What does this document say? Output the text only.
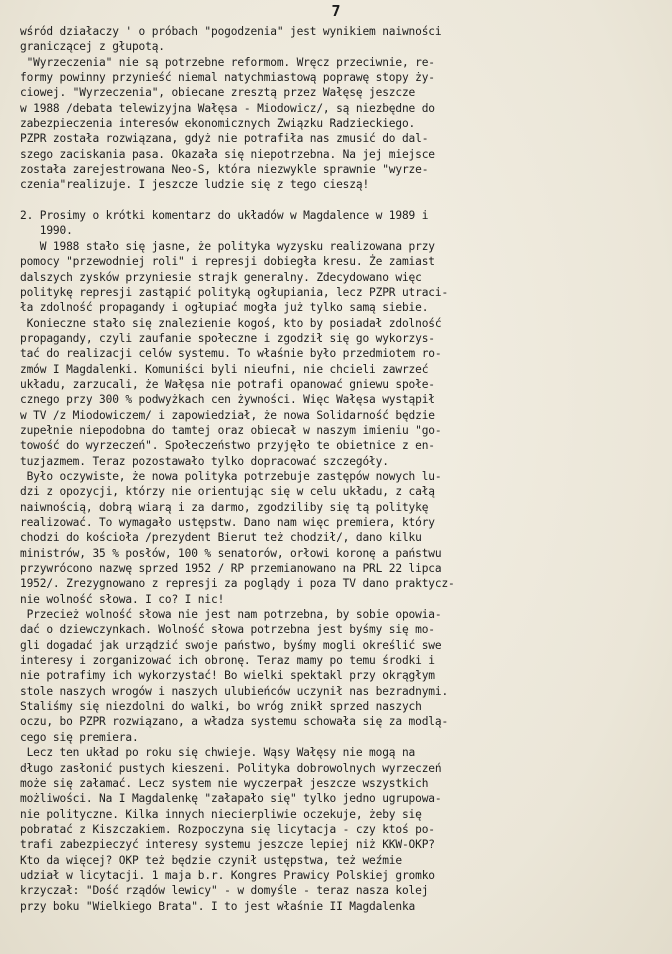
7
wśród działaczy ' o próbach "pogodzenia" jest wynikiem naiwności
graniczącej z głupotą.
"Wyrzeczenia" nie są potrzebne reformom. Wręcz przeciwnie, re-
formy powinny przynieść niemal natychmiastową poprawę stopy ży-
ciowej. "Wyrzeczenia", obiecane zresztą przez Wałęsę jeszcze
w 1988 /debata telewizyjna Wałęsa - Miodowicz/, są niezbędne do
zabezpieczenia interesów ekonomicznych Związku Radzieckiego.
PZPR została rozwiązana, gdyż nie potrafiła nas zmusić do dal-
szego zaciskania pasa. Okazała się niepotrzebna. Na jej miejsce
została zarejestrowana Neo-S, która niezwykle sprawnie "wyrze-
czenia"realizuje. I jeszcze ludzie się z tego cieszą!
2. Prosimy o krótki komentarz do układów w Magdalence w 1989 i
1990.
W 1988 stało się jasne, że polityka wyzysku realizowana przy
pomocy "przewodniej roli" i represji dobiegła kresu. Że zamiast
dalszych zysków przyniesie strajk generalny. Zdecydowano więc
politykę represji zastąpić polityką ogłupiania, lecz PZPR utraci-
ła zdolność propagandy i ogłupiać mogła już tylko samą siebie.
Konieczne stało się znalezienie kogoś, kto by posiadał zdolność
propagandy, czyli zaufanie społeczne i zgodził się go wykorzys-
tać do realizacji celów systemu. To właśnie było przedmiotem ro-
zmów I Magdalenki. Komuniści byli nieufni, nie chcieli zawrzeć
układu, zarzucali, że Wałęsa nie potrafi opanować gniewu społe-
cznego przy 300 % podwyżkach cen żywności. Więc Wałęsa wystąpił
w TV /z Miodowiczem/ i zapowiedział, że nowa Solidarność będzie
zupełnie niepodobna do tamtej oraz obiecał w naszym imieniu "go-
towość do wyrzeczeń". Społeczeństwo przyjęło te obietnice z en-
tuzjazmem. Teraz pozostawało tylko dopracować szczegóły.
Było oczywiste, że nowa polityka potrzebuje zastępów nowych lu-
dzi z opozycji, którzy nie orientując się w celu układu, z całą
naiwnością, dobrą wiarą i za darmo, zgodziliby się tą politykę
realizować. To wymagało ustępstw. Dano nam więc premiera, który
chodzi do kościoła /prezydent Bierut też chodził/, dano kilku
ministrów, 35 % posłów, 100 % senatorów, orłowi koronę a państwu
przywrócono nazwę sprzed 1952 / RP przemianowano na PRL 22 lipca
1952/. Zrezygnowano z represji za poglądy i poza TV dano praktycz-
nie wolność słowa. I co? I nic!
Przecież wolność słowa nie jest nam potrzebna, by sobie opowia-
dać o dziewczynkach. Wolność słowa potrzebna jest byśmy się mo-
gli dogadać jak urządzić swoje państwo, byśmy mogli określić swe
interesy i zorganizować ich obronę. Teraz mamy po temu środki i
nie potrafimy ich wykorzystać! Bo wielki spektakl przy okrągłym
stole naszych wrogów i naszych ulubieńców uczynił nas bezradnymi.
Staliśmy się niezdolni do walki, bo wróg znikł sprzed naszych
oczu, bo PZPR rozwiązano, a władza systemu schowała się za modlą-
cego się premiera.
Lecz ten układ po roku się chwieje. Wąsy Wałęsy nie mogą na
długo zasłonić pustych kieszeni. Polityka dobrowolnych wyrzeczeń
może się załamać. Lecz system nie wyczerpał jeszcze wszystkich
możliwości. Na I Magdalenkę "załapało się" tylko jedno ugrupowa-
nie polityczne. Kilka innych niecierpliwie oczekuje, żeby się
pobratać z Kiszczakiem. Rozpoczyna się licytacja - czy ktoś po-
trafi zabezpieczyć interesy systemu jeszcze lepiej niż KKW-OKP?
Kto da więcej? OKP też będzie czynił ustępstwa, też weźmie
udział w licytacji. 1 maja b.r. Kongres Prawicy Polskiej gromko
krzyczał: "Dość rządów lewicy" - w domyśle - teraz nasza kolej
przy boku "Wielkiego Brata". I to jest właśnie II Magdalenka
